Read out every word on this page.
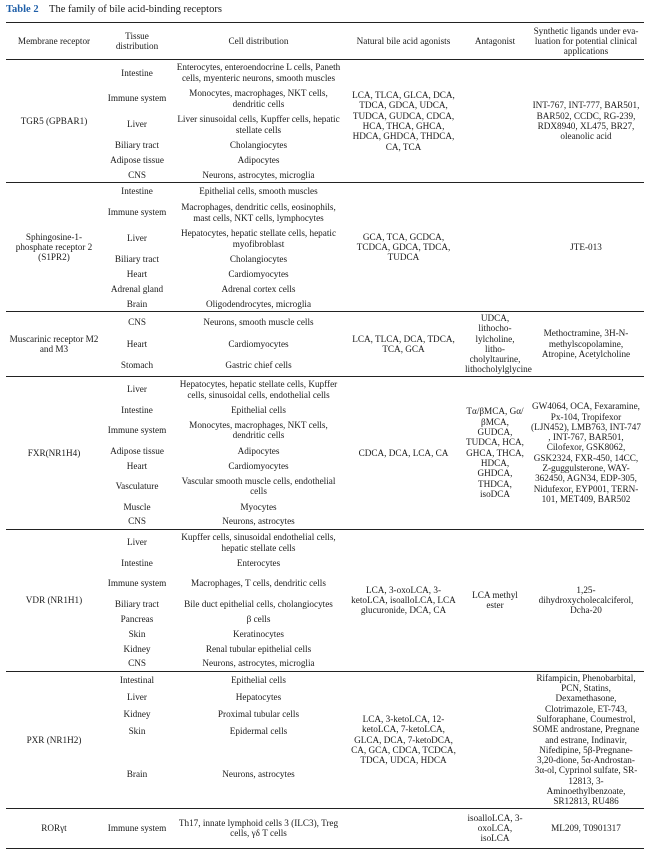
Table 2 The family of bile acid-binding receptors
Membrane receptor	Tissue distribution	Cell distribution	Natural bile acid agonists	Antagonist	Synthetic ligands under eva-luation for potential clinical applications
TGR5 (GPBAR1)	Intestine	Enterocytes, enteroendocrine L cells, Paneth cells, myenteric neurons, smooth muscles	LCA, TLCA, GLCA, DCA, TDCA, GDCA, UDCA, TUDCA, GUDCA, CDCA, HCA, THCA, GHCA, HDCA, GHDCA, THDCA, CA, TCA		INT-767, INT-777, BAR501, BAR502, CCDC, RG-239, RDX8940, XL475, BR27, oleanolic acid
	Immune system	Monocytes, macrophages, NKT cells, dendritic cells			
	Liver	Liver sinusoidal cells, Kupffer cells, hepatic stellate cells			
	Biliary tract	Cholangiocytes			
	Adipose tissue	Adipocytes			
	CNS	Neurons, astrocytes, microglia			
Sphingosine-1-phosphate receptor 2 (S1PR2)	Intestine	Epithelial cells, smooth muscles	GCA, TCA, GCDCA, TCDCA, GDCA, TDCA, TUDCA		JTE-013
	Immune system	Macrophages, dendritic cells, eosinophils, mast cells, NKT cells, lymphocytes			
	Liver	Hepatocytes, hepatic stellate cells, hepatic myofibroblast			
	Biliary tract	Cholangiocytes			
	Heart	Cardiomyocytes			
	Adrenal gland	Adrenal cortex cells			
	Brain	Oligodendrocytes, microglia			
Muscarinic receptor M2 and M3	CNS	Neurons, smooth muscle cells	LCA, TLCA, DCA, TDCA, TCA, GCA	UDCA, lithocho-lylcholine, litho-cholyltaurine, lithocholylglycine	Methoctramine, 3H-N-methylscopolamine, Atropine, Acetylcholine
	Heart	Cardiomyocytes			
	Stomach	Gastric chief cells			
FXR(NR1H4)	Liver	Hepatocytes, hepatic stellate cells, Kupffer cells, sinusoidal cells, endothelial cells	CDCA, DCA, LCA, CA	Tα/βMCA, Gα/βMCA, GUDCA, TUDCA, HCA, GHCA, THCA, HDCA, GHDCA, THDCA, isoDCA	GW4064, OCA, Fexaramine, Px-104, Tropifexor (LJN452), LMB763, INT-747 , INT-767, BAR501, Cilofexor, GSK8062, GSK2324, FXR-450, 14CC, Z-guggulsterone, WAY-362450, AGN34, EDP-305, Nidufexor, EYP001, TERN-101, MET409, BAR502
	Intestine	Epithelial cells			
	Immune system	Monocytes, macrophages, NKT cells, dendritic cells			
	Adipose tissue	Adipocytes			
	Heart	Cardiomyocytes			
	Vasculature	Vascular smooth muscle cells, endothelial cells			
	Muscle	Myocytes			
	CNS	Neurons, astrocytes			
VDR (NR1H1)	Liver	Kupffer cells, sinusoidal endothelial cells, hepatic stellate cells	LCA, 3-oxoLCA, 3-ketoLCA, isoalloLCA, LCA glucuronide, DCA, CA	LCA methyl ester	1,25-dihydroxycholecalciferol, Dcha-20
	Intestine	Enterocytes			
	Immune system	Macrophages, T cells, dendritic cells			
	Biliary tract	Bile duct epithelial cells, cholangiocytes			
	Pancreas	β cells			
	Skin	Keratinocytes			
	Kidney	Renal tubular epithelial cells			
	CNS	Neurons, astrocytes, microglia			
PXR (NR1H2)	Intestinal	Epithelial cells	LCA, 3-ketoLCA, 12-ketoLCA, 7-ketoLCA, GLCA, DCA, 7-ketoDCA, CA, GCA, CDCA, TCDCA, TDCA, UDCA, HDCA		Rifampicin, Phenobarbital, PCN, Statins, Dexamethasone, Clotrimazole, ET-743, Sulforaphane, Coumestrol, SOME androstane, Pregnane and estrane, Indinavir, Nifedipine, 5β-Pregnane-3,20-dione, 5α-Androstan-3α-ol, Cyprinol sulfate, SR-12813, 3-Aminoethylbenzoate, SR12813, RU486
	Liver	Hepatocytes			
	Kidney	Proximal tubular cells			
	Skin	Epidermal cells			
	Brain	Neurons, astrocytes			
RORγt	Immune system	Th17, innate lymphoid cells 3 (ILC3), Treg cells, γδ T cells		isoalloLCA, 3-oxoLCA, isoLCA	ML209, T0901317
